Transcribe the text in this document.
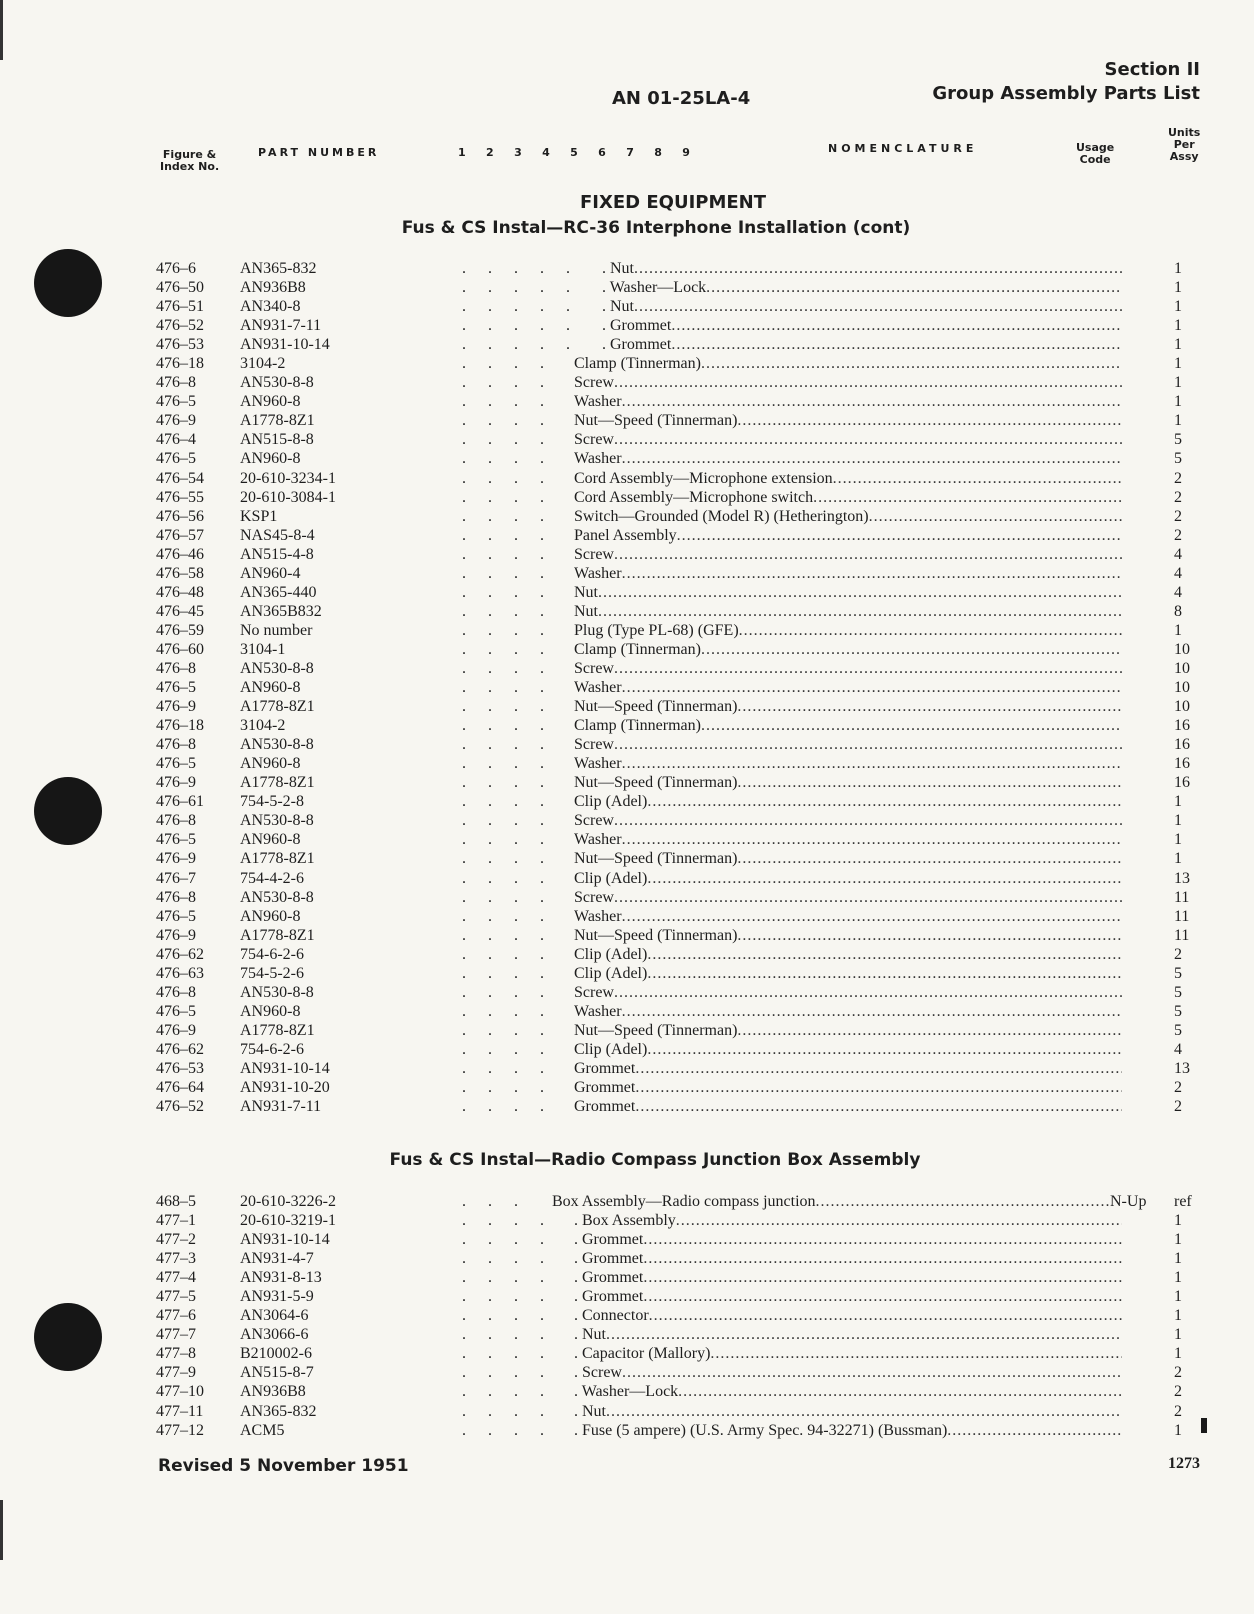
AN 01-25LA-4
Section II
Group Assembly Parts List
Figure &
Index No.
PART NUMBER	1 2 3 4 5 6 7 8 9	NOMENCLATURE	Usage
Code
Units
Per
Assy
FIXED EQUIPMENT
Fus & CS Instal—RC-36 Interphone Installation (cont)
476–6	AN365-832	. . . . . . Nut .....	1
476–50 AN936B8	. . . . . . Washer—Lock .....	1
476–51 AN340-8	. . . . . . Nut .....	1
476–52 AN931-7-11	. . . . . . Grommet .....	1
476–53 AN931-10-14	. . . . . . Grommet .....	1
476–18 3104-2	. . . . Clamp (Tinnerman) .....	1
476–8	AN530-8-8	. . . . Screw .....	1
476–5	AN960-8	. . . . Washer .....	1
476–9	A1778-8Z1	. . . . Nut—Speed (Tinnerman) .....	1
476–4	AN515-8-8	. . . . Screw .....	5
476–5	AN960-8	. . . . Washer .....	5
476–54 20-610-3234-1	. . . . Cord Assembly—Microphone extension .....	2
476–55 20-610-3084-1	. . . . Cord Assembly—Microphone switch .....	2
476–56 KSP1	. . . . Switch—Grounded (Model R) (Hetherington) .....	2
476–57 NAS45-8-4	. . . . Panel Assembly .....	2
476–46 AN515-4-8	. . . . Screw .....	4
476–58 AN960-4	. . . . Washer .....	4
476–48 AN365-440	. . . . Nut .....	4
476–45 AN365B832	. . . . Nut .....	8
476–59 No number	. . . . Plug (Type PL-68) (GFE) .....	1
476–60 3104-1	. . . . Clamp (Tinnerman) .....	10
476–8	AN530-8-8	. . . . Screw .....	10
476–5	AN960-8	. . . . Washer .....	10
476–9	A1778-8Z1	. . . . Nut—Speed (Tinnerman) .....	10
476–18 3104-2	. . . . Clamp (Tinnerman) .....	16
476–8	AN530-8-8	. . . . Screw .....	16
476–5	AN960-8	. . . . Washer .....	16
476–9	A1778-8Z1	. . . . Nut—Speed (Tinnerman) .....	16
476–61 754-5-2-8	. . . . Clip (Adel) .....	1
476–8	AN530-8-8	. . . . Screw .....	1
476–5	AN960-8	. . . . Washer .....	1
476–9	A1778-8Z1	. . . . Nut—Speed (Tinnerman) .....	1
476–7	754-4-2-6	. . . . Clip (Adel) .....	13
476–8	AN530-8-8	. . . . Screw .....	11
476–5	AN960-8	. . . . Washer .....	11
476–9	A1778-8Z1	. . . . Nut—Speed (Tinnerman) .....	11
476–62 754-6-2-6	. . . . Clip (Adel) .....	2
476–63 754-5-2-6	. . . . Clip (Adel) .....	5
476–8	AN530-8-8	. . . . Screw .....	5
476–5	AN960-8	. . . . Washer .....	5
476–9	A1778-8Z1	. . . . Nut—Speed (Tinnerman) .....	5
476–62 754-6-2-6	. . . . Clip (Adel) .....	4
476–53 AN931-10-14	. . . . Grommet .....	13
476–64 AN931-10-20	. . . . Grommet .....	2
476–52 AN931-7-11	. . . . Grommet .....	2
Fus & CS Instal—Radio Compass Junction Box Assembly
468–5	20-610-3226-2	. . . Box Assembly—Radio compass junction .....	N-Up ref
477–1	20-610-3219-1	. . . . . Box Assembly .....	1
477–2	AN931-10-14	. . . . . Grommet .....	1
477–3	AN931-4-7	. . . . . Grommet .....	1
477–4	AN931-8-13	. . . . . Grommet .....	1
477–5	AN931-5-9	. . . . . Grommet .....	1
477–6	AN3064-6	. . . . . Connector .....	1
477–7	AN3066-6	. . . . . Nut .....	1
477–8	B210002-6	. . . . . Capacitor (Mallory) .....	1
477–9	AN515-8-7	. . . . . Screw .....	2
477–10 AN936B8	. . . . . Washer—Lock .....	2
477–11 AN365-832	. . . . . Nut .....	2
477–12 ACM5	. . . . . Fuse (5 ampere) (U.S. Army Spec. 94-32271) (Bussman) .....	1
Revised 5 November 1951	1273
